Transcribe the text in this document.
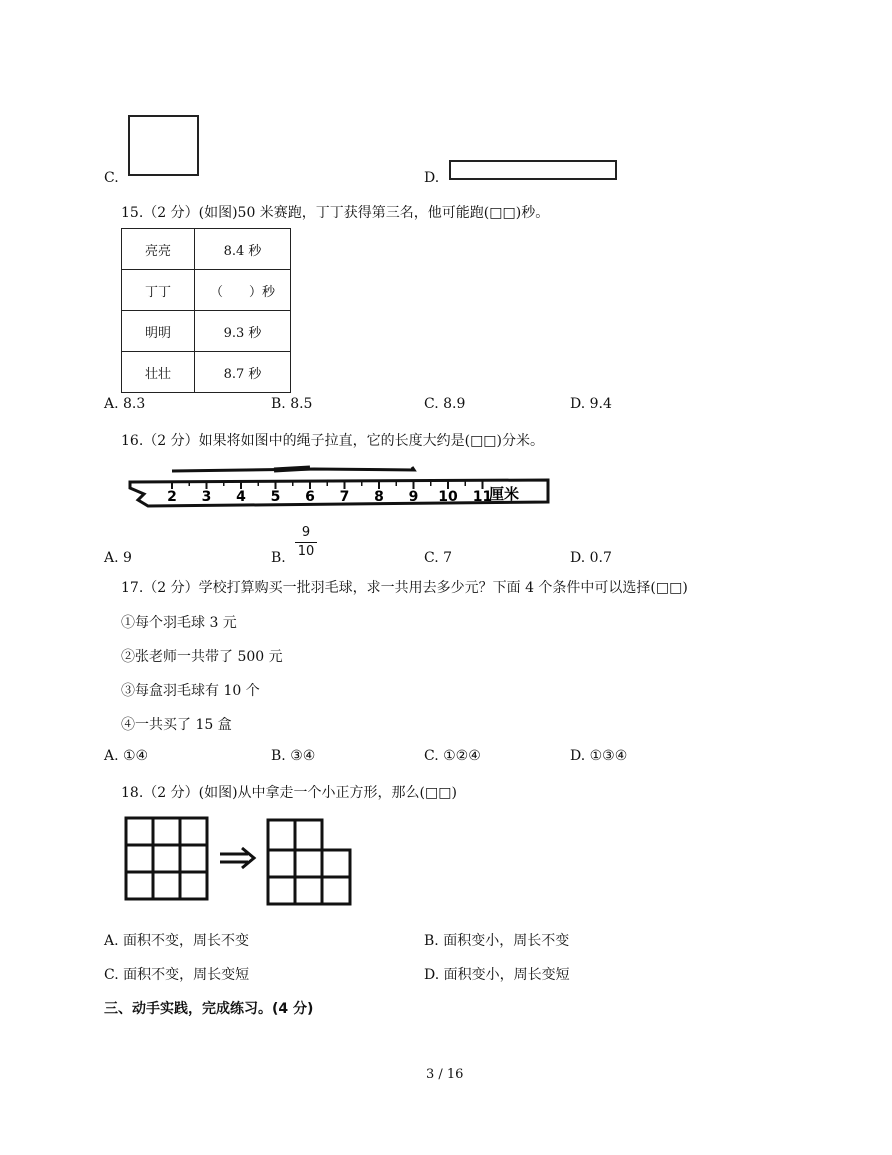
C.	D.
15.（2 分）(如图)50 米赛跑，丁丁获得第三名，他可能跑(□□)秒。
亮亮	8.4 秒
丁丁	（　　）秒
明明	9.3 秒
壮壮	8.7 秒
A. 8.3	B. 8.5	C. 8.9	D. 9.4
16.（2 分）如果将如图中的绳子拉直，它的长度大约是(□□)分米。
2 3 4 5 6 7 8 9 10 11
厘米
A. 9	B.
9
10	C. 7	D. 0.7
17.（2 分）学校打算购买一批羽毛球，求一共用去多少元？下面 4 个条件中可以选择(□□)
①每个羽毛球 3 元
②张老师一共带了 500 元
③每盒羽毛球有 10 个
④一共买了 15 盒
A. ①④	B. ③④	C. ①②④	D. ①③④
18.（2 分）(如图)从中拿走一个小正方形，那么(□□)
A. 面积不变，周长不变	B. 面积变小，周长不变
C. 面积不变，周长变短	D. 面积变小，周长变短
三、动手实践，完成练习。(4 分)
3 / 16
